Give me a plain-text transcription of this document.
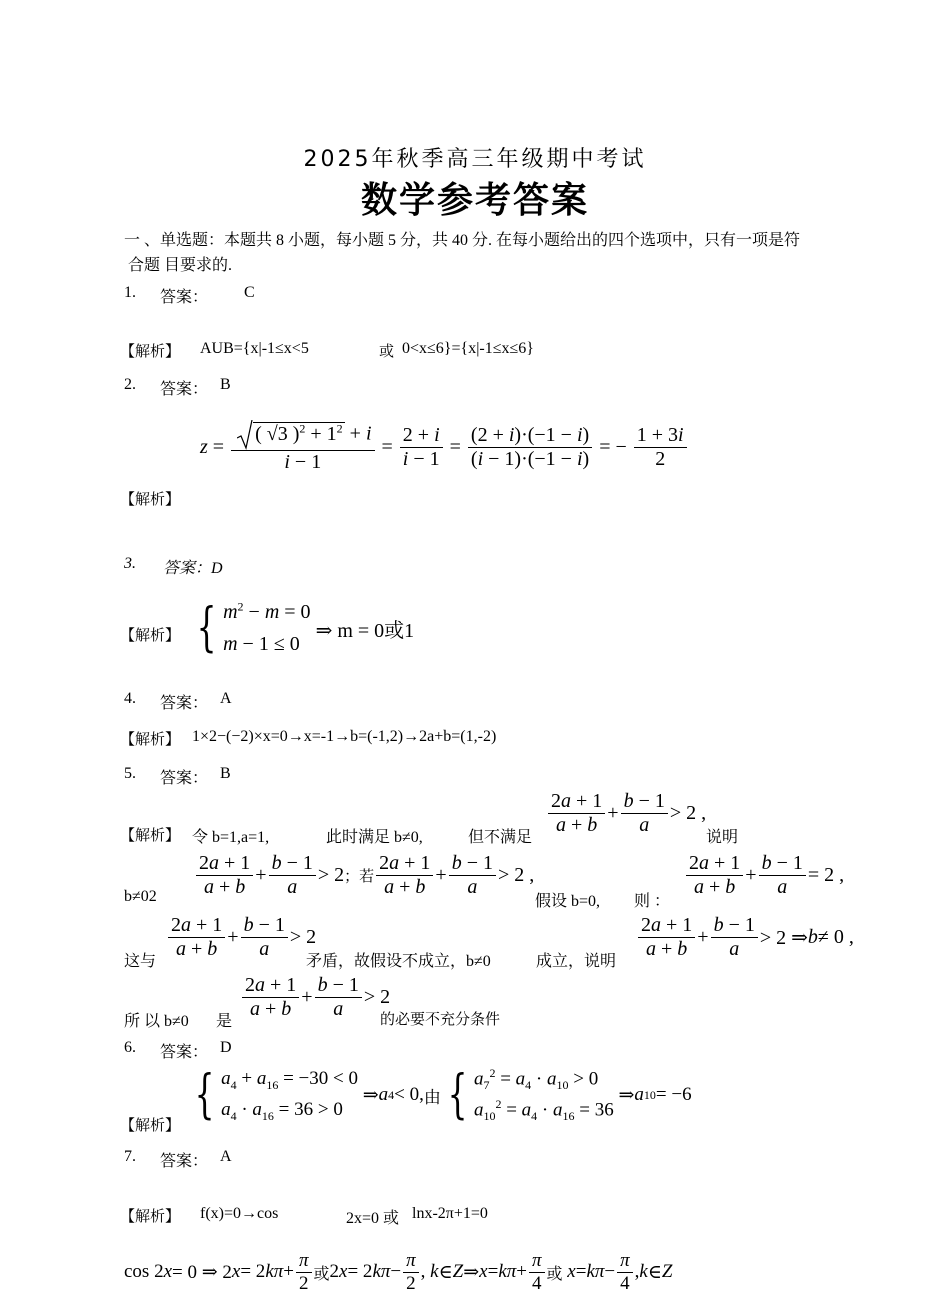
2025年秋季高三年级期中考试
数学参考答案
一 、单选题：本题共 8 小题，每小题 5 分，共 40 分. 在每小题给出的四个选项中，只有一项是符
合题 目要求的.
1. 答案： C
【解析】 AUB={x|-1≤x<5	或 0<x≤6}={x|-1≤x≤6}
2. 答案： B
$z = \frac{( √3 )^2 + 1^2 + i}{i - 1} = \frac{2 + i}{i - 1} = \frac{(2 + i)\cdot(-1 - i)}{(i - 1)\cdot(-1 - i)}$ = − $\frac{1 + 3i}{2}$
【解析】
3. 答案：D
【解析】 { $m^2 - m = 0$
m − 1 ≤ 0

⇒ m = 0或1
4. 答案： A
【解析】 1×2−(−2)×x=0→x=-1→b=(-1,2)→2a+b=(1,-2)
5. 答案： B
【解析】 令 b=1,a=1,	此时满足 b≠0,	但不满足
$\frac{2a + 1}{a + b} + \frac{b - 1}{a} > 2$ ,
说明
$b\ne 02 \frac{2a + 1}{a + b} + \frac{b - 1}{a} > 2$ ；若 $\frac{2a + 1}{a + b} + \frac{b - 1}{a} > 2$ ,
假设 b=0, 则 ：
$\frac{2a + 1}{a + b} + \frac{b - 1}{a} = 2$ ,
这与
$\frac{2a + 1}{a + b} + \frac{b - 1}{a} > 2$
矛盾，故假设不成立，b≠0	成立，说明
$\frac{2a + 1}{a + b} + \frac{b - 1}{a} > 2$ ⇒ b ≠ 0 ,
所 以 b≠0 是
$\frac{2a + 1}{a + b} + \frac{b - 1}{a} > 2$
的必要不充分条件
6. 答案： D
【解析】 { $a_4 + a_{16} = -30 < 0$
$a_4 \cdot a_{16} = 36 > 0$
⇒ a 4 < 0, 由 { $a_7^2 = a_4 \cdot a_{10} > 0$
$a_{10}^2 = a_4 \cdot a_{16} = 36$
⇒ a 10 = −6
7. 答案： A
【解析】 f(x)=0→cos	2x=0 或 lnx-2π+1=0
cos 2 x = 0 ⇒ 2 x = 2 $k\pi + \frac{\pi}{2}$ 或 2 x = 2 $k\pi - \frac{\pi}{2}$ , k ∈ Z ⇒ $x = k\pi + \frac{\pi}{4}$ 或
$x = k\pi - \frac{\pi}{4}$ , k ∈ Z
